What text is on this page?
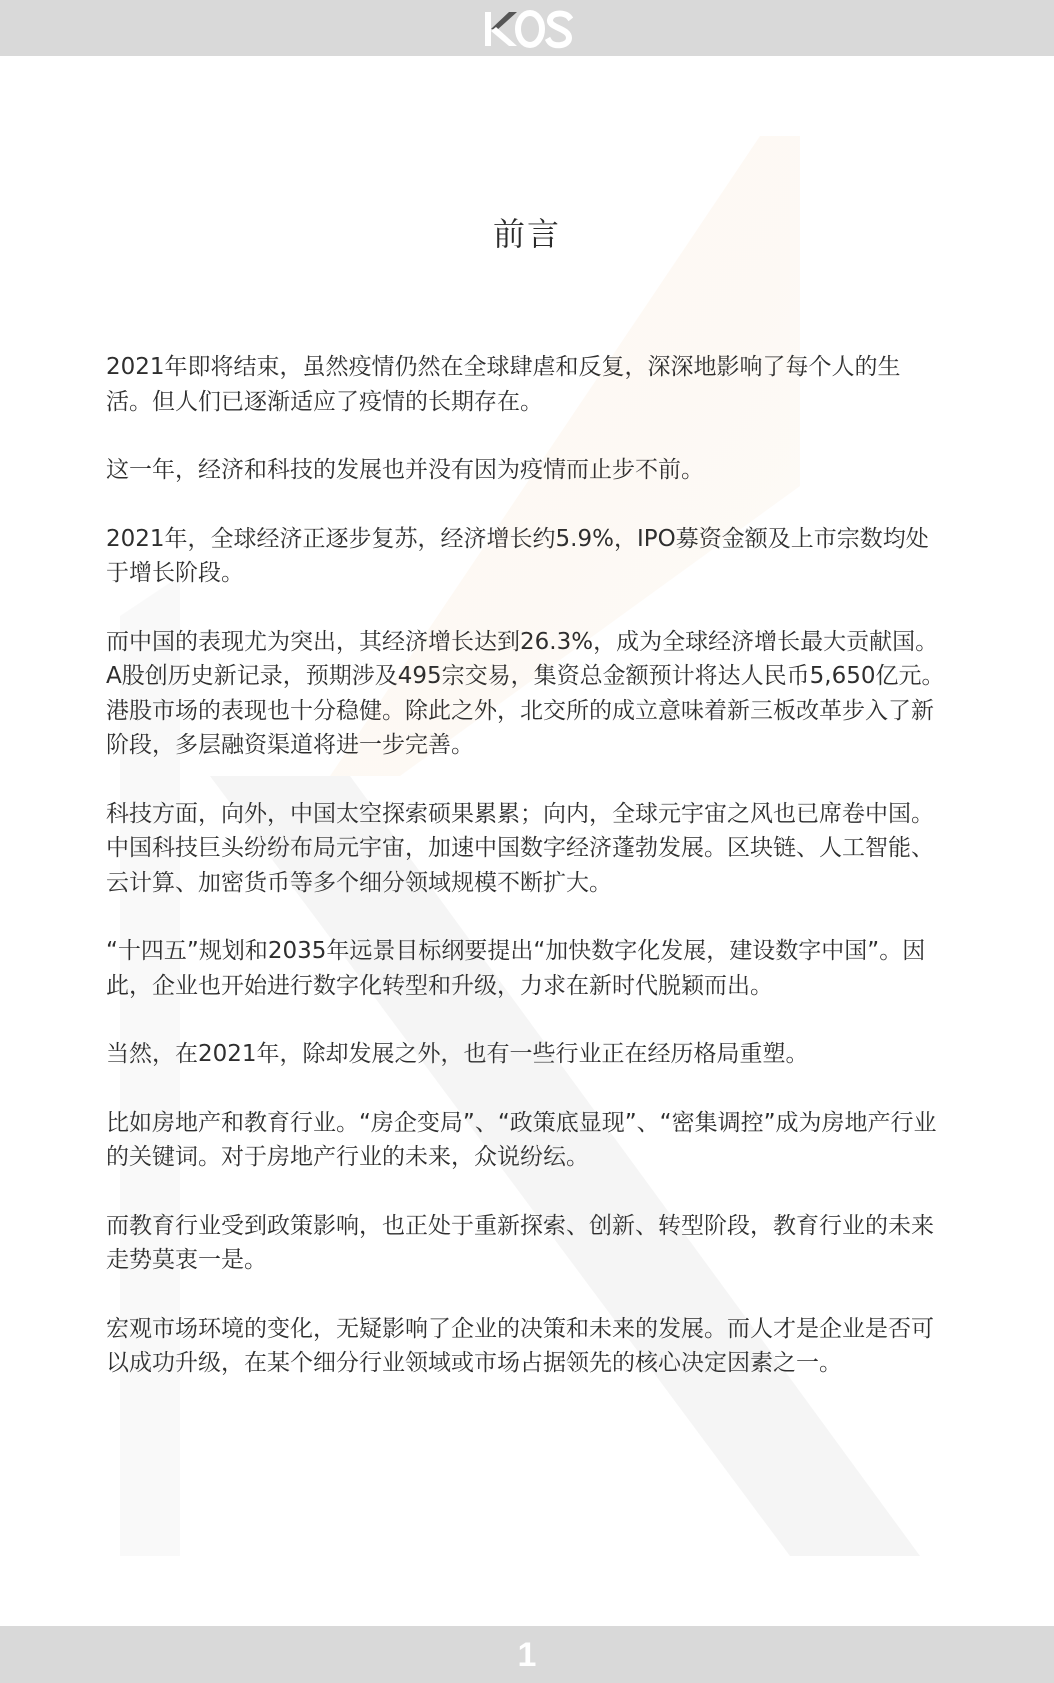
前言

2021年即将结束，虽然疫情仍然在全球肆虐和反复，深深地影响了每个人的生活。但人们已逐渐适应了疫情的长期存在。

这一年，经济和科技的发展也并没有因为疫情而止步不前。

2021年，全球经济正逐步复苏，经济增长约5.9%，IPO募资金额及上市宗数均处于增长阶段。

而中国的表现尤为突出，其经济增长达到26.3%，成为全球经济增长最大贡献国。A股创历史新记录，预期涉及495宗交易，集资总金额预计将达人民币5,650亿元。港股市场的表现也十分稳健。除此之外，北交所的成立意味着新三板改革步入了新阶段，多层融资渠道将进一步完善。

科技方面，向外，中国太空探索硕果累累；向内，全球元宇宙之风也已席卷中国。中国科技巨头纷纷布局元宇宙，加速中国数字经济蓬勃发展。区块链、人工智能、云计算、加密货币等多个细分领域规模不断扩大。

“十四五”规划和2035年远景目标纲要提出“加快数字化发展，建设数字中国”。因此，企业也开始进行数字化转型和升级，力求在新时代脱颖而出。

当然，在2021年，除却发展之外，也有一些行业正在经历格局重塑。

比如房地产和教育行业。“房企变局”、“政策底显现”、“密集调控”成为房地产行业的关键词。对于房地产行业的未来，众说纷纭。

而教育行业受到政策影响，也正处于重新探索、创新、转型阶段，教育行业的未来走势莫衷一是。

宏观市场环境的变化，无疑影响了企业的决策和未来的发展。而人才是企业是否可以成功升级，在某个细分行业领域或市场占据领先的核心决定因素之一。

1
